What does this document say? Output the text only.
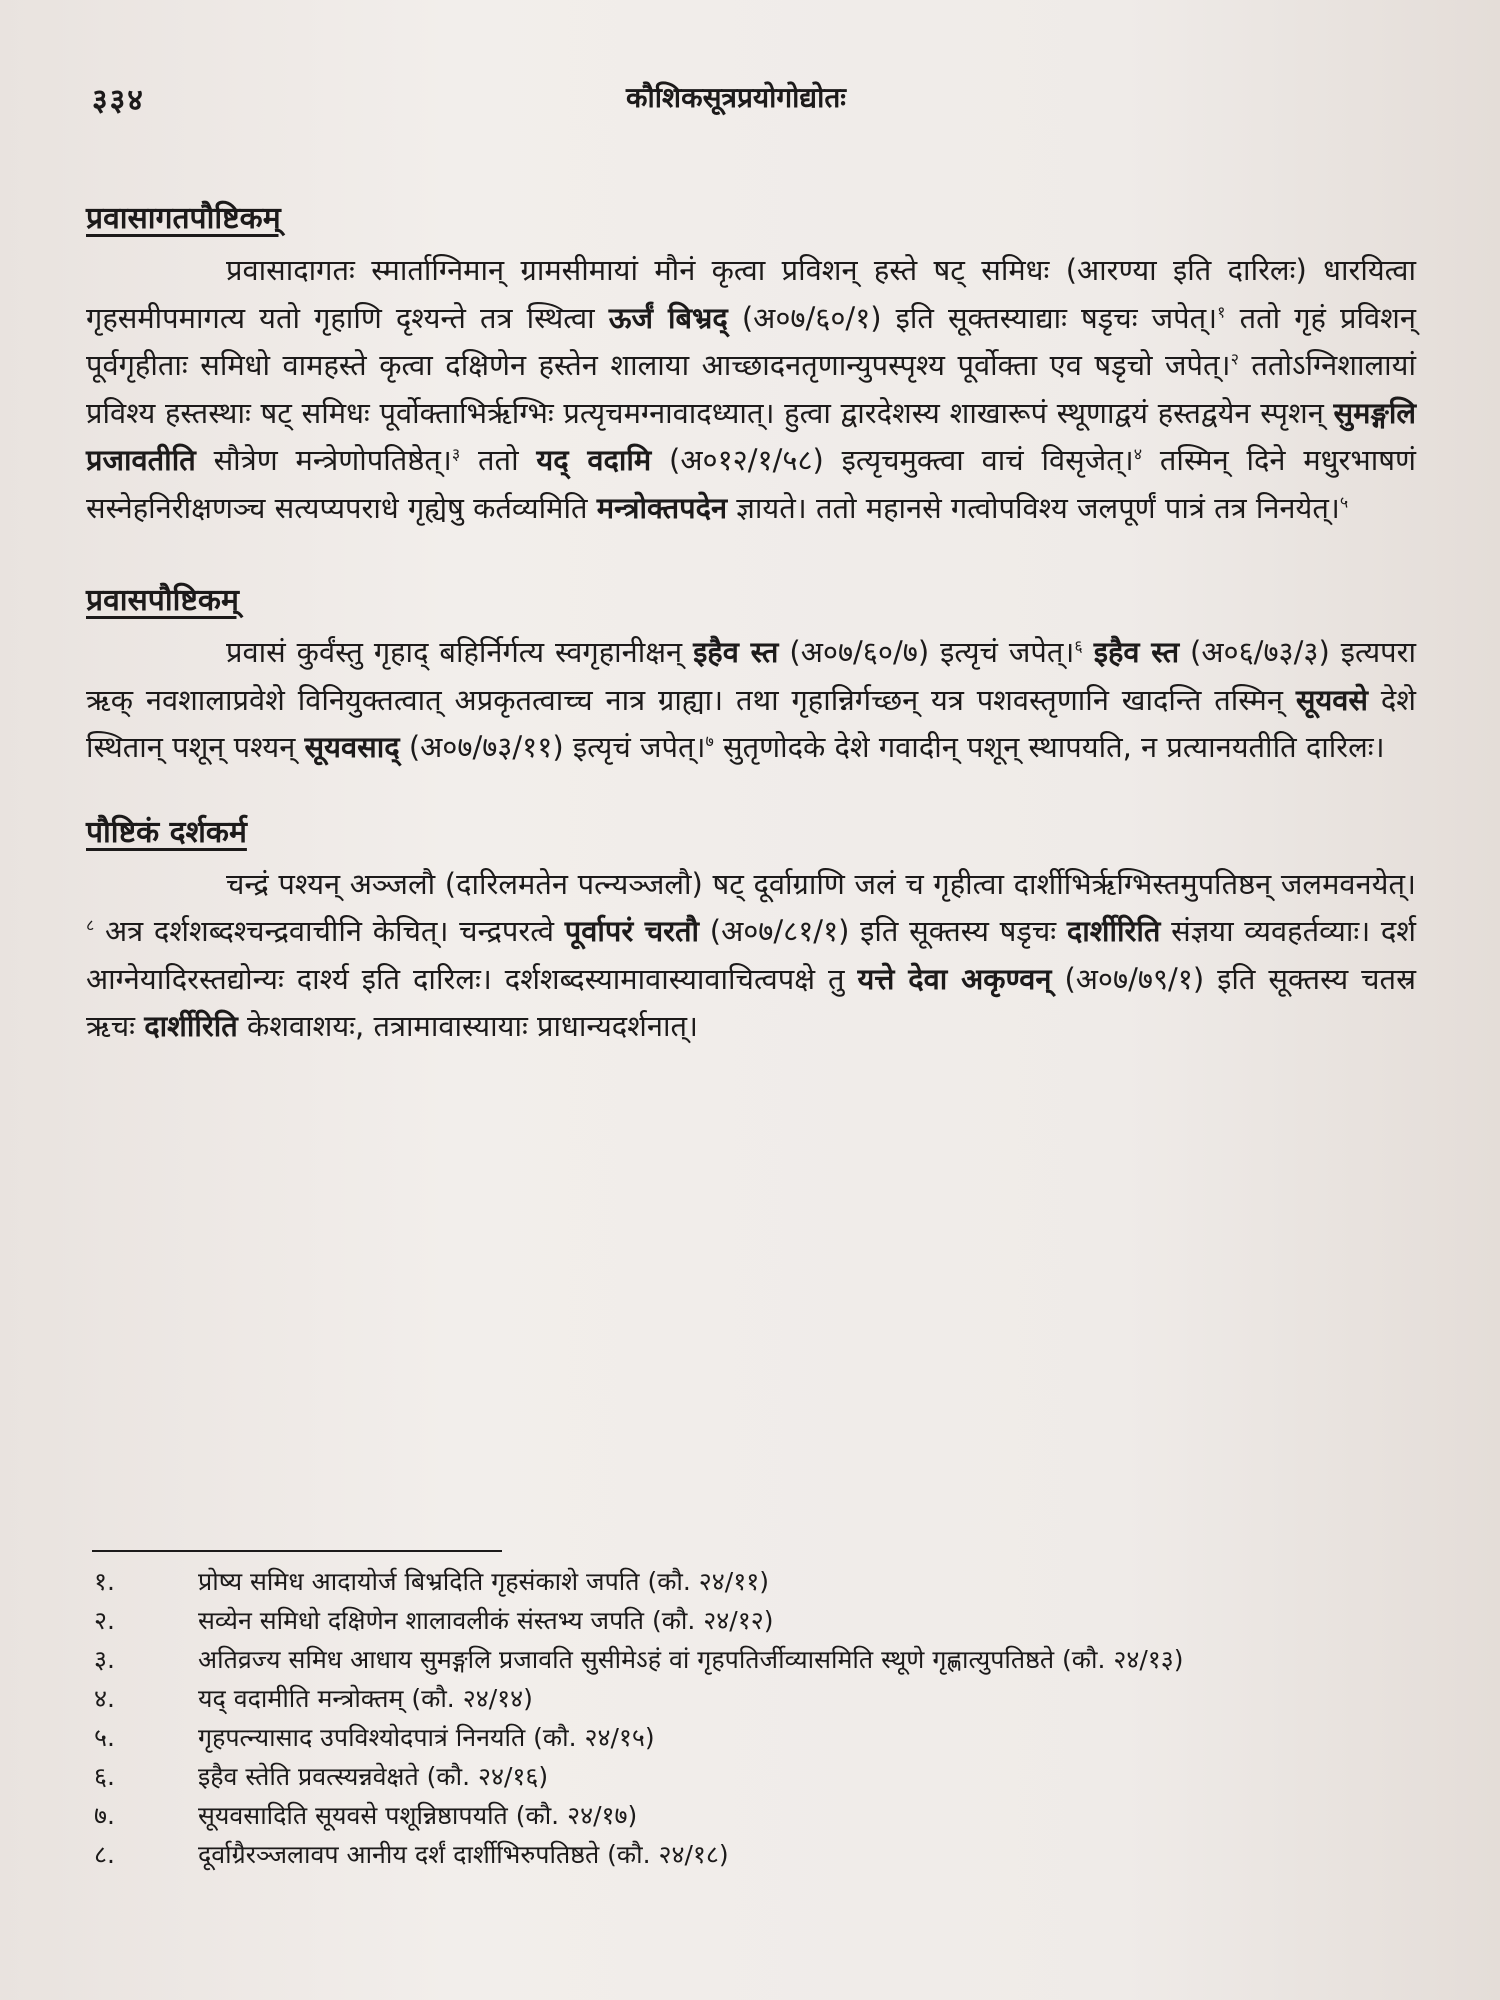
३३४	कौशिकसूत्रप्रयोगोद्योतः
प्रवासागतपौष्टिकम्

प्रवासादागतः स्मार्ताग्निमान् ग्रामसीमायां मौनं कृत्वा प्रविशन् हस्ते षट् समिधः (आरण्या इति दारिलः) धारयित्वा गृहसमीपमागत्य यतो गृहाणि दृश्यन्ते तत्र स्थित्वा ऊर्जं बिभ्रद् (अ०७/६०/१) इति सूक्तस्याद्याः षडृचः जपेत्।$^१$ ततो गृहं प्रविशन् पूर्वगृहीताः समिधो वामहस्ते कृत्वा दक्षिणेन हस्तेन शालाया आच्छादनतृणान्युपस्पृश्य पूर्वोक्ता एव षडृचो जपेत्।$^२$ ततोऽग्निशालायां प्रविश्य हस्तस्थाः षट् समिधः पूर्वोक्ताभिर्ऋग्भिः प्रत्यृचमग्नावादध्यात्। हुत्वा द्वारदेशस्य शाखारूपं स्थूणाद्वयं हस्तद्वयेन स्पृशन् सुमङ्गलि प्रजावतीति सौत्रेण मन्त्रेणोपतिष्ठेत्।$^३$ ततो यद् वदामि (अ०१२/१/५८) इत्यृचमुक्त्वा वाचं विसृजेत्।$^४$ तस्मिन् दिने मधुरभाषणं सस्नेहनिरीक्षणञ्च सत्यप्यपराधे गृह्येषु कर्तव्यमिति मन्त्रोक्तपदेन ज्ञायते। ततो महानसे गत्वोपविश्य जलपूर्णं पात्रं तत्र निनयेत्।$^५$

प्रवासपौष्टिकम्

प्रवासं कुर्वंस्तु गृहाद् बहिर्निर्गत्य स्वगृहानीक्षन् इहैव स्त (अ०७/६०/७) इत्यृचं जपेत्।$^६$ इहैव स्त (अ०६/७३/३) इत्यपरा ऋक् नवशालाप्रवेशे विनियुक्तत्वात् अप्रकृतत्वाच्च नात्र ग्राह्या। तथा गृहान्निर्गच्छन् यत्र पशवस्तृणानि खादन्ति तस्मिन् सूयवसे देशे स्थितान् पशून् पश्यन् सूयवसाद् (अ०७/७३/११) इत्यृचं जपेत्।$^७$ सुतृणोदके देशे गवादीन् पशून् स्थापयति, न प्रत्यानयतीति दारिलः।

पौष्टिकं दर्शकर्म

चन्द्रं पश्यन् अञ्जलौ (दारिलमतेन पत्न्यञ्जलौ) षट् दूर्वाग्राणि जलं च गृहीत्वा दार्शीभिर्ऋग्भिस्तमुपतिष्ठन् जलमवनयेत्।$^८$ अत्र दर्शशब्दश्चन्द्रवाचीनि केचित्। चन्द्रपरत्वे पूर्वापरं चरतौ (अ०७/८१/१) इति सूक्तस्य षडृचः दार्शीरिति संज्ञया व्यवहर्तव्याः। दर्श आग्नेयादिरस्तद्योन्यः दार्श्य इति दारिलः। दर्शशब्दस्यामावास्यावाचित्वपक्षे तु यत्ते देवा अकृण्वन् (अ०७/७९/१) इति सूक्तस्य चतस्र ऋचः दार्शीरिति केशवाशयः, तत्रामावास्यायाः प्राधान्यदर्शनात्।

१.	प्रोष्य समिध आदायोर्ज बिभ्रदिति गृहसंकाशे जपति (कौ. २४/११)
२.	सव्येन समिधो दक्षिणेन शालावलीकं संस्तभ्य जपति (कौ. २४/१२)
३.	अतिव्रज्य समिध आधाय सुमङ्गलि प्रजावति सुसीमेऽहं वां गृहपतिर्जीव्यासमिति स्थूणे गृह्णात्युपतिष्ठते (कौ. २४/१३)
४.	यद् वदामीति मन्त्रोक्तम् (कौ. २४/१४)
५.	गृहपत्न्यासाद उपविश्योदपात्रं निनयति (कौ. २४/१५)
६.	इहैव स्तेति प्रवत्स्यन्नवेक्षते (कौ. २४/१६)
७.	सूयवसादिति सूयवसे पशून्निष्ठापयति (कौ. २४/१७)
८.	दूर्वाग्रैरञ्जलावप आनीय दर्शं दार्शीभिरुपतिष्ठते (कौ. २४/१८)
